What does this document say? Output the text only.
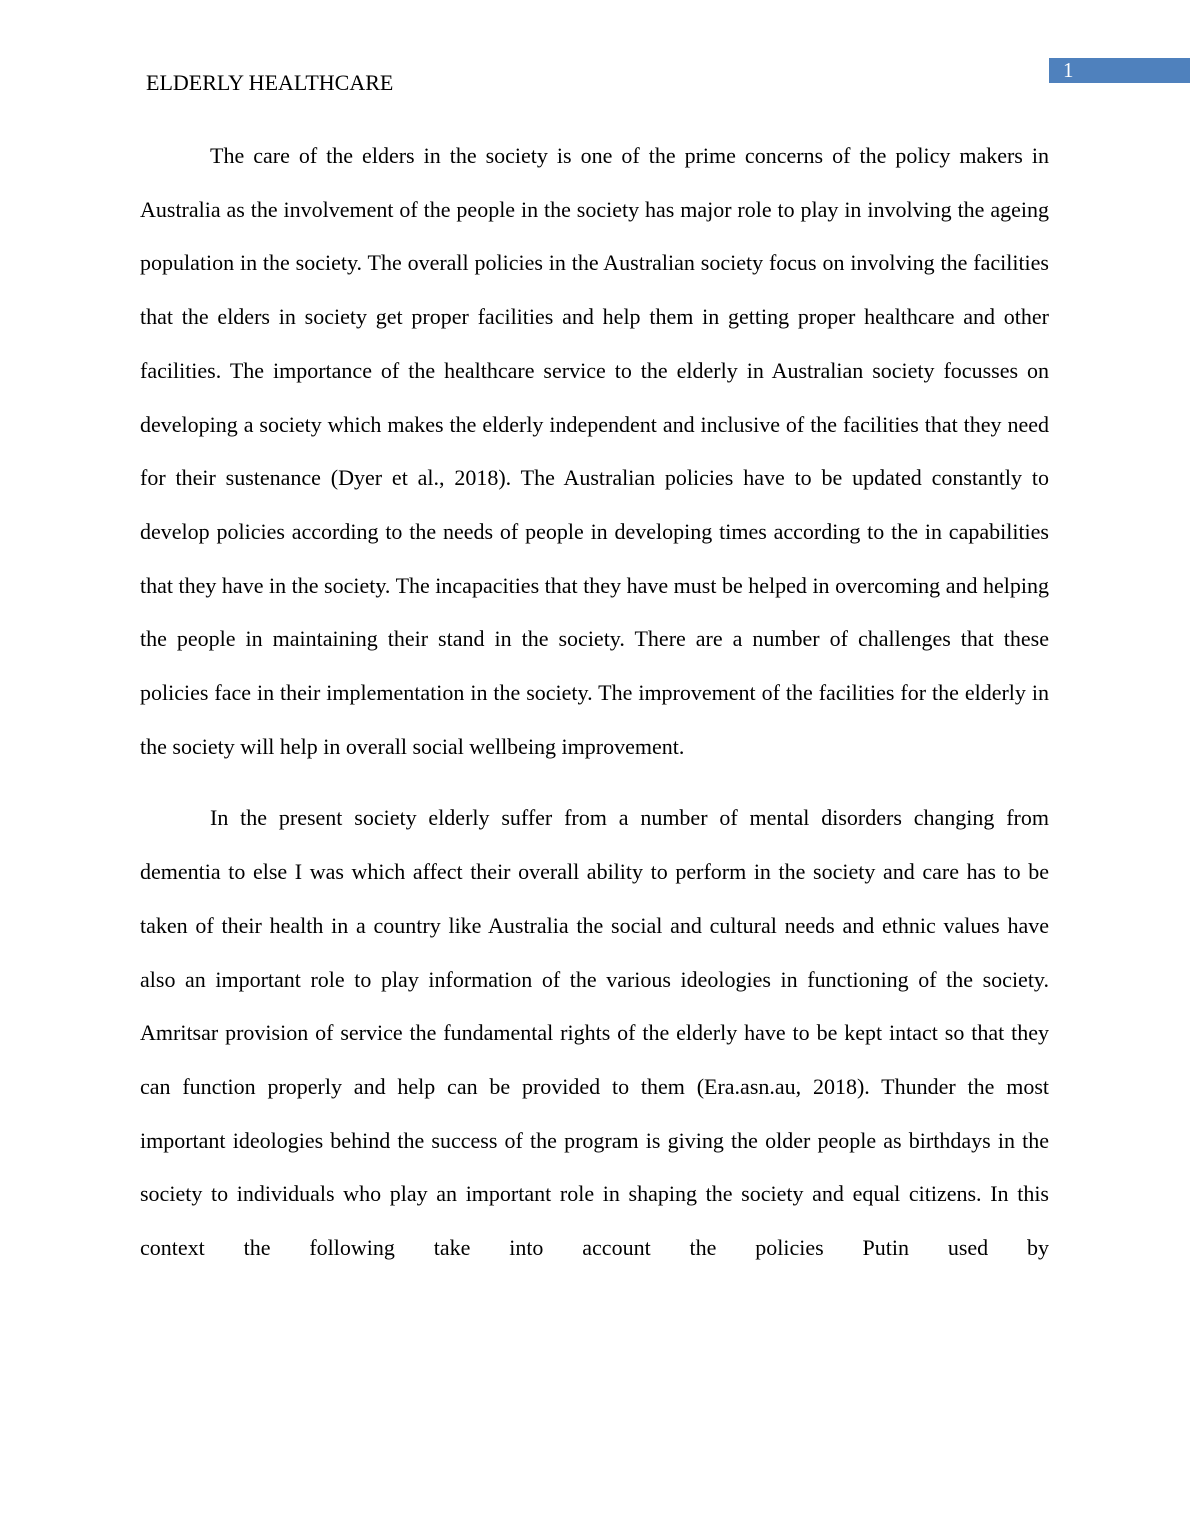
1
ELDERLY HEALTHCARE

The care of the elders in the society is one of the prime concerns of the policy makers in Australia as the involvement of the people in the society has major role to play in involving the ageing population in the society. The overall policies in the Australian society focus on involving the facilities that the elders in society get proper facilities and help them in getting proper healthcare and other facilities. The importance of the healthcare service to the elderly in Australian society focusses on developing a society which makes the elderly independent and inclusive of the facilities that they need for their sustenance (Dyer et al., 2018). The Australian policies have to be updated constantly to develop policies according to the needs of people in developing times according to the in capabilities that they have in the society. The incapacities that they have must be helped in overcoming and helping the people in maintaining their stand in the society. There are a number of challenges that these policies face in their implementation in the society. The improvement of the facilities for the elderly in the society will help in overall social wellbeing improvement.

In the present society elderly suffer from a number of mental disorders changing from dementia to else I was which affect their overall ability to perform in the society and care has to be taken of their health in a country like Australia the social and cultural needs and ethnic values have also an important role to play information of the various ideologies in functioning of the society. Amritsar provision of service the fundamental rights of the elderly have to be kept intact so that they can function properly and help can be provided to them (Era.asn.au, 2018). Thunder the most important ideologies behind the success of the program is giving the older people as birthdays in the society to individuals who play an important role in shaping the society and equal citizens. In this context the following take into account the policies Putin used by
